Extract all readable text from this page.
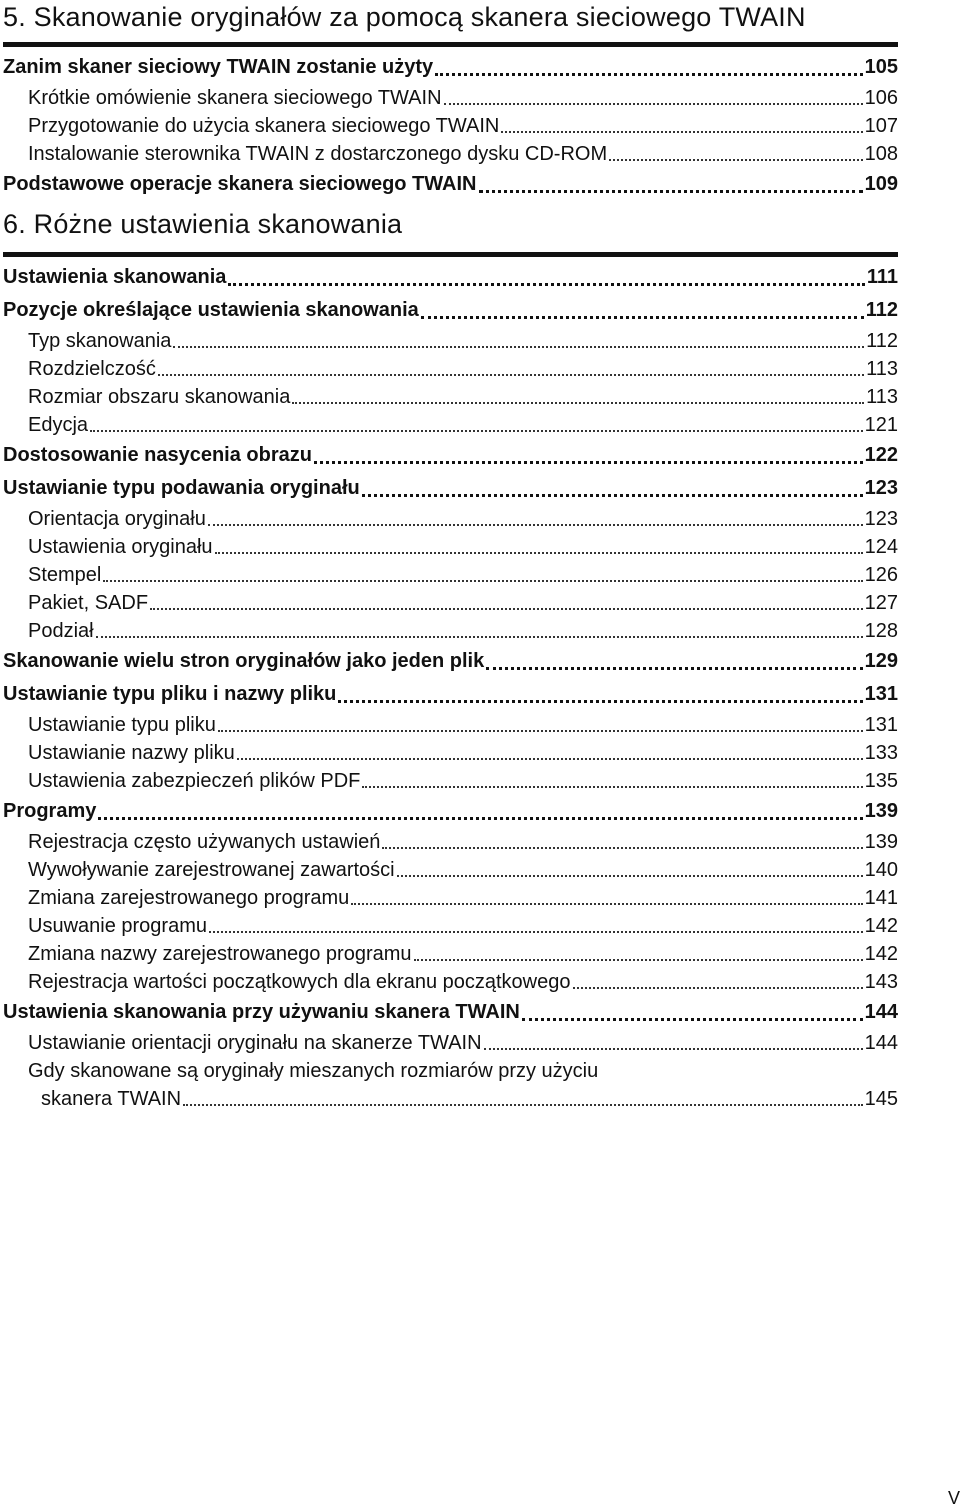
5. Skanowanie oryginałów za pomocą skanera sieciowego TWAIN
Zanim skaner sieciowy TWAIN zostanie użyty	105
Krótkie omówienie skanera sieciowego TWAIN	106
Przygotowanie do użycia skanera sieciowego TWAIN	107
Instalowanie sterownika TWAIN z dostarczonego dysku CD-ROM	108
Podstawowe operacje skanera sieciowego TWAIN	109
6. Różne ustawienia skanowania
Ustawienia skanowania	111
Pozycje określające ustawienia skanowania	112
Typ skanowania	112
Rozdzielczość	113
Rozmiar obszaru skanowania	113
Edycja	121
Dostosowanie nasycenia obrazu	122
Ustawianie typu podawania oryginału	123
Orientacja oryginału	123
Ustawienia oryginału	124
Stempel	126
Pakiet, SADF	127
Podział	128
Skanowanie wielu stron oryginałów jako jeden plik	129
Ustawianie typu pliku i nazwy pliku	131
Ustawianie typu pliku	131
Ustawianie nazwy pliku	133
Ustawienia zabezpieczeń plików PDF	135
Programy	139
Rejestracja często używanych ustawień	139
Wywoływanie zarejestrowanej zawartości	140
Zmiana zarejestrowanego programu	141
Usuwanie programu	142
Zmiana nazwy zarejestrowanego programu	142
Rejestracja wartości początkowych dla ekranu początkowego	143
Ustawienia skanowania przy używaniu skanera TWAIN	144
Ustawianie orientacji oryginału na skanerze TWAIN	144
Gdy skanowane są oryginały mieszanych rozmiarów przy użyciu
skanera TWAIN	145
V
